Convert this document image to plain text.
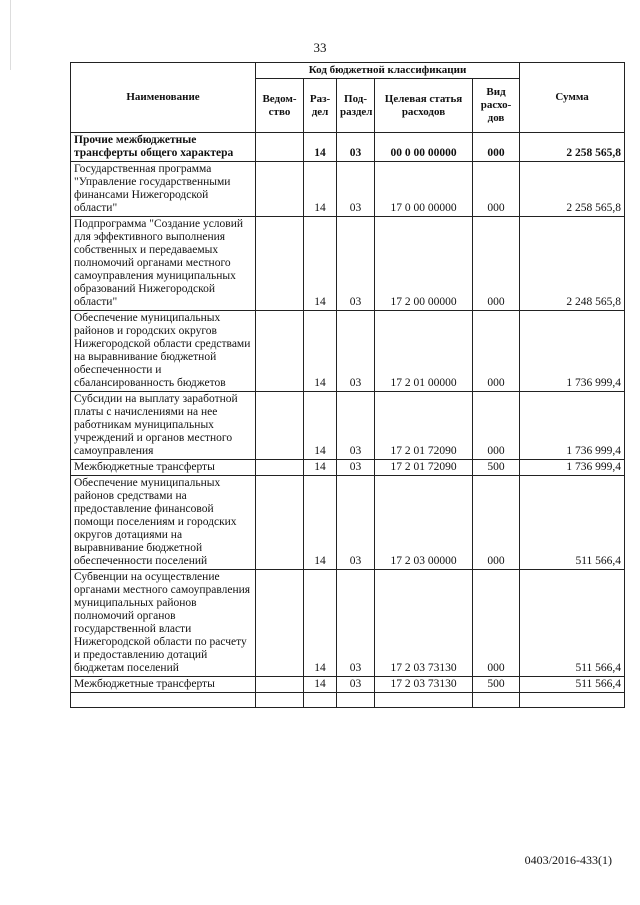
33
Наименование	Код бюджетной классификации					Сумма
	Ведом-ство	Раз-дел	Под-раздел	Целевая статья расходов	Вид расхо-дов	
Прочие межбюджетные трансферты общего характера		14	03	00 0 00 00000	000	2 258 565,8
Государственная программа "Управление государственными финансами Нижегородской области"		14	03	17 0 00 00000	000	2 258 565,8
Подпрограмма "Создание условий для эффективного выполнения собственных и передаваемых полномочий органами местного самоуправления муниципальных образований Нижегородской области"		14	03	17 2 00 00000	000	2 248 565,8
Обеспечение муниципальных районов и городских округов Нижегородской области средствами на выравнивание бюджетной обеспеченности и сбалансированность бюджетов		14	03	17 2 01 00000	000	1 736 999,4
Субсидии на выплату заработной платы с начислениями на нее работникам муниципальных учреждений и органов местного самоуправления		14	03	17 2 01 72090	000	1 736 999,4
Межбюджетные трансферты		14	03	17 2 01 72090	500	1 736 999,4
Обеспечение муниципальных районов средствами на предоставление финансовой помощи поселениям и городских округов дотациями на выравнивание бюджетной обеспеченности поселений		14	03	17 2 03 00000	000	511 566,4
Субвенции на осуществление органами местного самоуправления муниципальных районов полномочий органов государственной власти Нижегородской области по расчету и предоставлению дотаций бюджетам поселений		14	03	17 2 03 73130	000	511 566,4
Межбюджетные трансферты		14	03	17 2 03 73130	500	511 566,4

0403/2016-433(1)
